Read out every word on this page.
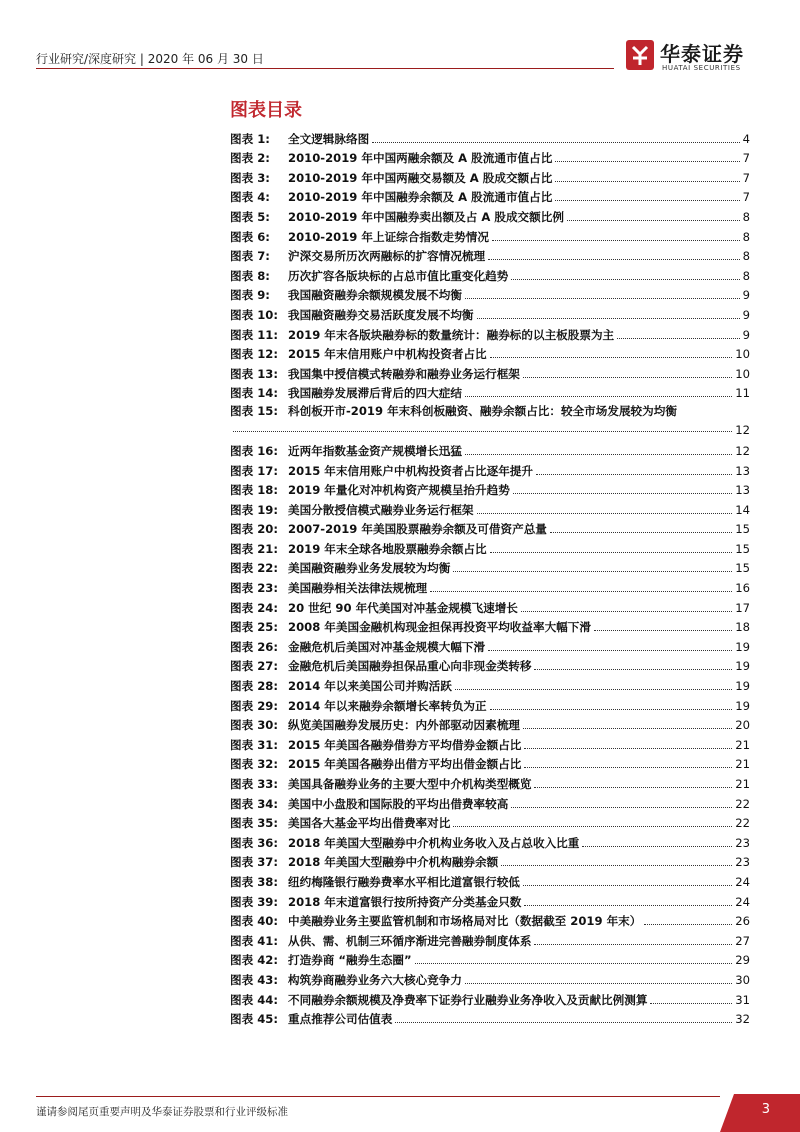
行业研究/深度研究 | 2020 年 06 月 30 日	华泰证券
HUATAI SECURITIES
图表目录
图表 1:	全文逻辑脉络图	4
图表 2:	2010-2019 年中国两融余额及 A 股流通市值占比	7
图表 3:	2010-2019 年中国两融交易额及 A 股成交额占比	7
图表 4:	2010-2019 年中国融券余额及 A 股流通市值占比	7
图表 5:	2010-2019 年中国融券卖出额及占 A 股成交额比例	8
图表 6:	2010-2019 年上证综合指数走势情况	8
图表 7:	沪深交易所历次两融标的扩容情况梳理	8
图表 8:	历次扩容各版块标的占总市值比重变化趋势	8
图表 9:	我国融资融券余额规模发展不均衡	9
图表 10: 我国融资融券交易活跃度发展不均衡	9
图表 11: 2019 年末各版块融券标的数量统计：融券标的以主板股票为主	9
图表 12: 2015 年末信用账户中机构投资者占比	10
图表 13: 我国集中授信模式转融券和融券业务运行框架	10
图表 14: 我国融券发展滞后背后的四大症结	11
图表 15: 科创板开市-2019 年末科创板融资、融券余额占比：较全市场发展较为均衡
12
图表 16: 近两年指数基金资产规模增长迅猛	12
图表 17: 2015 年末信用账户中机构投资者占比逐年提升	13
图表 18: 2019 年量化对冲机构资产规模呈抬升趋势	13
图表 19: 美国分散授信模式融券业务运行框架	14
图表 20: 2007-2019 年美国股票融券余额及可借资产总量	15
图表 21: 2019 年末全球各地股票融券余额占比	15
图表 22: 美国融资融券业务发展较为均衡	15
图表 23: 美国融券相关法律法规梳理	16
图表 24: 20 世纪 90 年代美国对冲基金规模飞速增长	17
图表 25: 2008 年美国金融机构现金担保再投资平均收益率大幅下滑	18
图表 26: 金融危机后美国对冲基金规模大幅下滑	19
图表 27: 金融危机后美国融券担保品重心向非现金类转移	19
图表 28: 2014 年以来美国公司并购活跃	19
图表 29: 2014 年以来融券余额增长率转负为正	19
图表 30: 纵览美国融券发展历史：内外部驱动因素梳理	20
图表 31: 2015 年美国各融券借券方平均借券金额占比	21
图表 32: 2015 年美国各融券出借方平均出借金额占比	21
图表 33: 美国具备融券业务的主要大型中介机构类型概览	21
图表 34: 美国中小盘股和国际股的平均出借费率较高	22
图表 35: 美国各大基金平均出借费率对比	22
图表 36: 2018 年美国大型融券中介机构业务收入及占总收入比重	23
图表 37: 2018 年美国大型融券中介机构融券余额	23
图表 38: 纽约梅隆银行融券费率水平相比道富银行较低	24
图表 39: 2018 年末道富银行按所持资产分类基金只数	24
图表 40: 中美融券业务主要监管机制和市场格局对比（数据截至 2019 年末）	26
图表 41: 从供、需、机制三环循序渐进完善融券制度体系	27
图表 42: 打造券商 “融券生态圈”	29
图表 43: 构筑券商融券业务六大核心竞争力	30
图表 44: 不同融券余额规模及净费率下证券行业融券业务净收入及贡献比例测算	31
图表 45: 重点推荐公司估值表	32
谨请参阅尾页重要声明及华泰证券股票和行业评级标准	3
